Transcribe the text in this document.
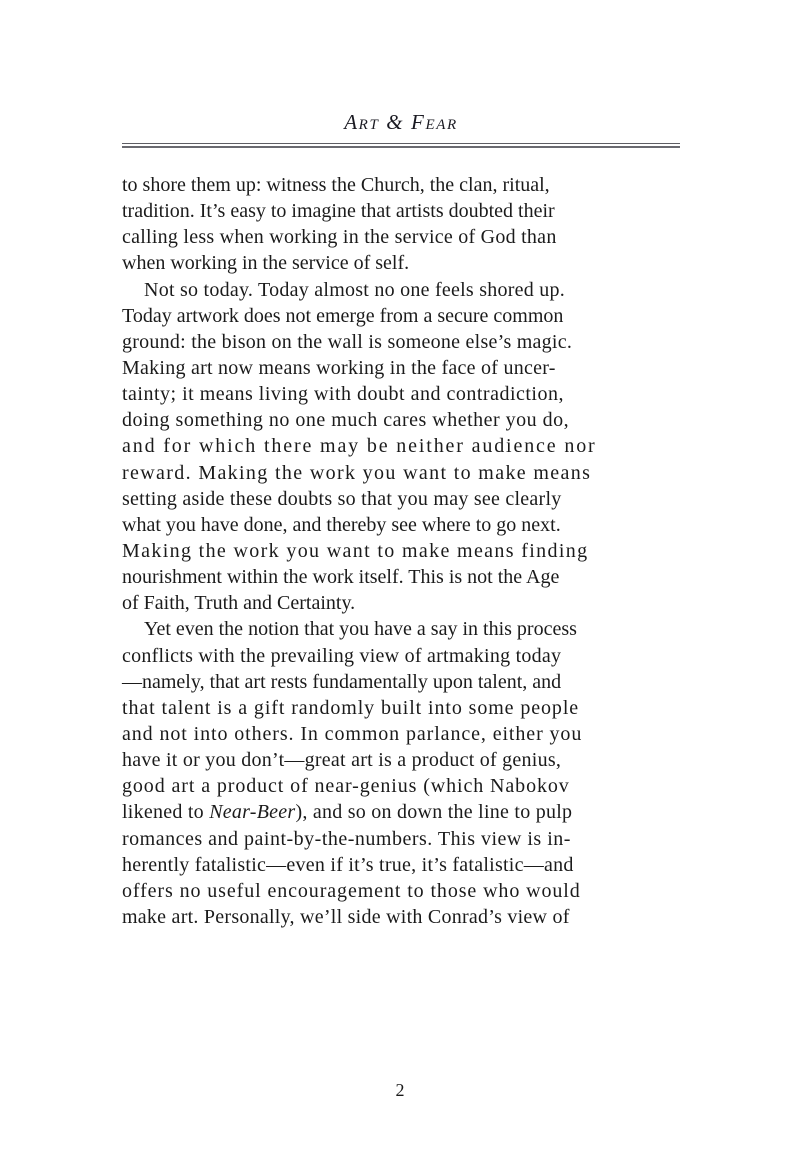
Art & Fear
to shore them up: witness the Church, the clan, ritual,
tradition. It’s easy to imagine that artists doubted their
calling less when working in the service of God than
when working in the service of self.
Not so today. Today almost no one feels shored up.
Today artwork does not emerge from a secure common
ground: the bison on the wall is someone else’s magic.
Making art now means working in the face of uncer-
tainty; it means living with doubt and contradiction,
doing something no one much cares whether you do,
and for which there may be neither audience nor
reward. Making the work you want to make means
setting aside these doubts so that you may see clearly
what you have done, and thereby see where to go next.
Making the work you want to make means finding
nourishment within the work itself. This is not the Age
of Faith, Truth and Certainty.
Yet even the notion that you have a say in this process
conflicts with the prevailing view of artmaking today
—namely, that art rests fundamentally upon talent, and
that talent is a gift randomly built into some people
and not into others. In common parlance, either you
have it or you don’t—great art is a product of genius,
good art a product of near-genius (which Nabokov
likened to Near-Beer), and so on down the line to pulp
romances and paint-by-the-numbers. This view is in-
herently fatalistic—even if it’s true, it’s fatalistic—and
offers no useful encouragement to those who would
make art. Personally, we’ll side with Conrad’s view of
2
